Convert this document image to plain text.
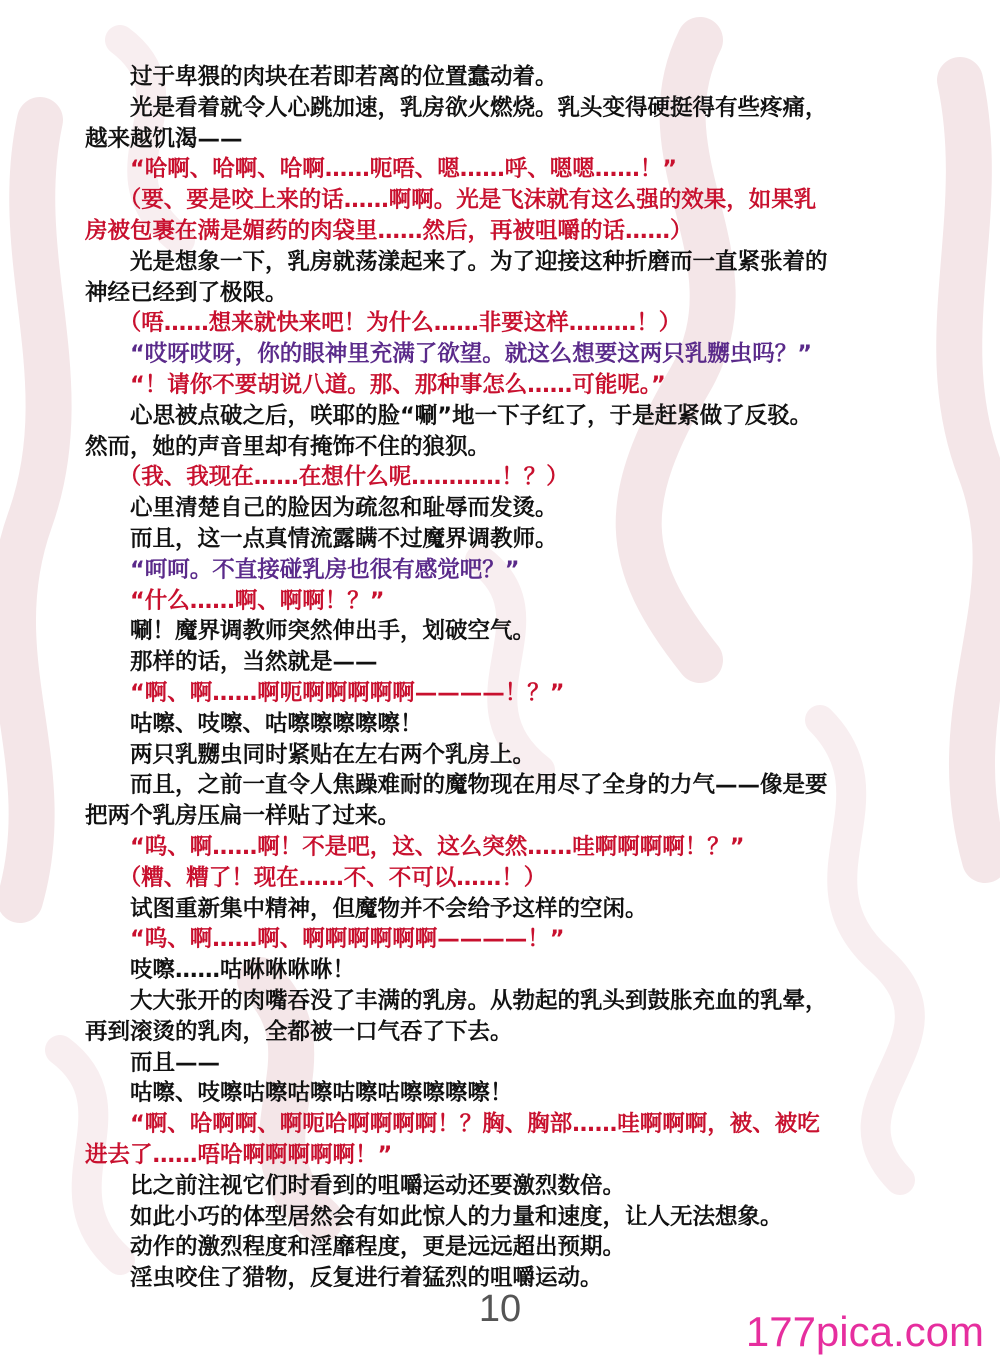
　　过于卑猥的肉块在若即若离的位置蠢动着。
　　光是看着就令人心跳加速，乳房欲火燃烧。乳头变得硬挺得有些疼痛，
越来越饥渴——
　　“哈啊、哈啊、哈啊……呃唔、嗯……呼、嗯嗯……！”
　　（要、要是咬上来的话……啊啊。光是飞沫就有这么强的效果，如果乳
房被包裹在满是媚药的肉袋里……然后，再被咀嚼的话……）
　　光是想象一下，乳房就荡漾起来了。为了迎接这种折磨而一直紧张着的
神经已经到了极限。
　　（唔……想来就快来吧！为什么……非要这样………！）
　　“哎呀哎呀，你的眼神里充满了欲望。就这么想要这两只乳嬲虫吗？”
　　“！请你不要胡说八道。那、那种事怎么……可能呢。”
　　心思被点破之后，咲耶的脸“唰”地一下子红了，于是赶紧做了反驳。
然而，她的声音里却有掩饰不住的狼狈。
　　（我、我现在……在想什么呢…………！？）
　　心里清楚自己的脸因为疏忽和耻辱而发烫。
　　而且，这一点真情流露瞒不过魔界调教师。
　　“呵呵。不直接碰乳房也很有感觉吧？”
　　“什么……啊、啊啊！？”
　　唰！魔界调教师突然伸出手，划破空气。
　　那样的话，当然就是——
　　“啊、啊……啊呃啊啊啊啊啊————！？”
　　咕嚓、吱嚓、咕嚓嚓嚓嚓嚓！
　　两只乳嬲虫同时紧贴在左右两个乳房上。
　　而且，之前一直令人焦躁难耐的魔物现在用尽了全身的力气——像是要
把两个乳房压扁一样贴了过来。
　　“呜、啊……啊！不是吧，这、这么突然……哇啊啊啊啊！？”
　　（糟、糟了！现在……不、不可以……！）
　　试图重新集中精神，但魔物并不会给予这样的空闲。
　　“呜、啊……啊、啊啊啊啊啊啊————！”
　　吱嚓……咕咻咻咻咻！
　　大大张开的肉嘴吞没了丰满的乳房。从勃起的乳头到鼓胀充血的乳晕，
再到滚烫的乳肉，全都被一口气吞了下去。
　　而且——
　　咕嚓、吱嚓咕嚓咕嚓咕嚓咕嚓嚓嚓嚓！
　　“啊、哈啊啊、啊呃哈啊啊啊啊！？胸、胸部……哇啊啊啊，被、被吃
进去了……唔哈啊啊啊啊啊！”
　　比之前注视它们时看到的咀嚼运动还要激烈数倍。
　　如此小巧的体型居然会有如此惊人的力量和速度，让人无法想象。
　　动作的激烈程度和淫靡程度，更是远远超出预期。
　　淫虫咬住了猎物，反复进行着猛烈的咀嚼运动。
10	177pica.com
